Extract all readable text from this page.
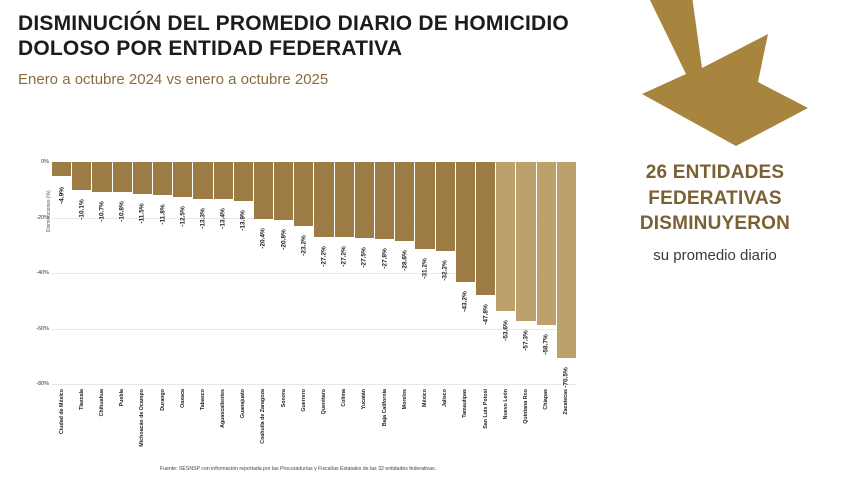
DISMINUCIÓN DEL PROMEDIO DIARIO DE HOMICIDIO DOLOSO POR ENTIDAD FEDERATIVA
Enero a octubre 2024 vs enero a octubre 2025
26 ENTIDADES FEDERATIVAS DISMINUYERON
su promedio diario
Disminuciones (%)
0%
-20%
-40%
-60%
-80%
-4.9%
Ciudad de México
-10.1%
Tlaxcala
-10.7%
Chihuahua
-10.8%
Puebla
-11.5%
Michoacán de Ocampo
-11.8%
Durango
-12.5%
Oaxaca
-13.3%
Tabasco
-13.4%
Aguascalientes
-13.9%
Guanajuato
-20.4%
Coahuila de Zaragoza
-20.8%
Sonora
-23.2%
Guerrero
-27.2%
Querétaro
-27.2%
Colima
-27.5%
Yucatán
-27.8%
Baja California
-28.6%
Morelos
-31.2%
México
-32.2%
Jalisco
-43.2%
Tamaulipas
-47.8%
San Luis Potosí
-53.6%
Nuevo León
-57.3%
Quintana Roo
-58.7%
Chiapas
-70.5%
Zacatecas
Fuente: SESNSP con información reportada por las Procuradurías y Fiscalías Estatales de las 32 entidades federativas.
